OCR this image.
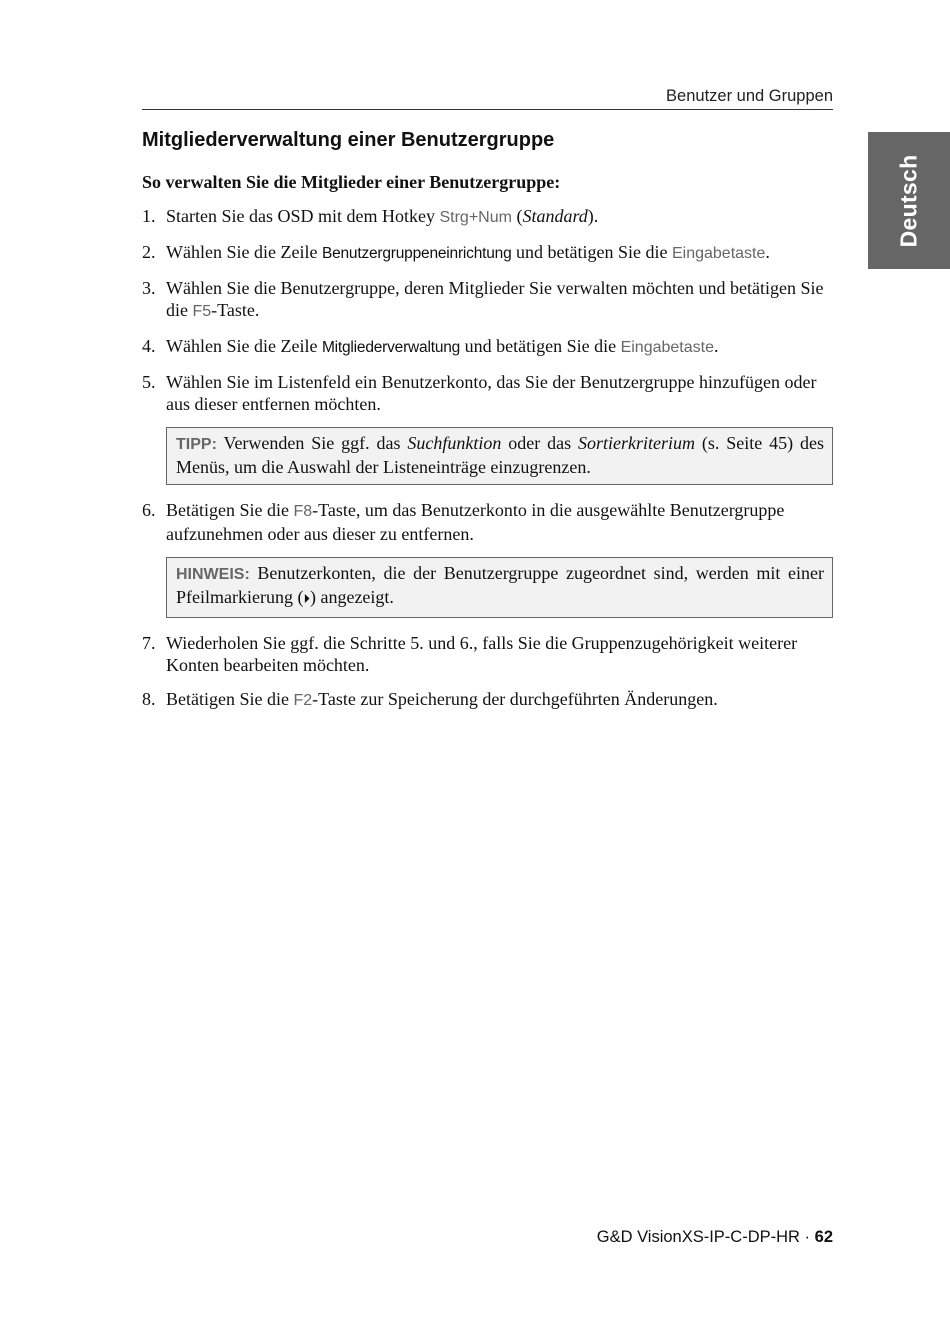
Benutzer und Gruppen
Deutsch
Mitgliederverwaltung einer Benutzergruppe

So verwalten Sie die Mitglieder einer Benutzergruppe:

1. Starten Sie das OSD mit dem Hotkey Strg+Num (Standard).
2. Wählen Sie die Zeile Benutzergruppeneinrichtung und betätigen Sie die Eingabetaste.
3. Wählen Sie die Benutzergruppe, deren Mitglieder Sie verwalten möchten und betätigen Sie die F5-Taste.
4. Wählen Sie die Zeile Mitgliederverwaltung und betätigen Sie die Eingabetaste.
5. Wählen Sie im Listenfeld ein Benutzerkonto, das Sie der Benutzergruppe hinzufügen oder aus dieser entfernen möchten.
TIPP: Verwenden Sie ggf. das Suchfunktion oder das Sortierkriterium (s. Seite 45) des Menüs, um die Auswahl der Listeneinträge einzugrenzen.
6. Betätigen Sie die F8-Taste, um das Benutzerkonto in die ausgewählte Benutzergruppe aufzunehmen oder aus dieser zu entfernen.
HINWEIS: Benutzerkonten, die der Benutzergruppe zugeordnet sind, werden mit einer Pfeilmarkierung (⏵) angezeigt.
7. Wiederholen Sie ggf. die Schritte 5. und 6., falls Sie die Gruppenzugehörigkeit weiterer Konten bearbeiten möchten.
8. Betätigen Sie die F2-Taste zur Speicherung der durchgeführten Änderungen.
G&D VisionXS-IP-C-DP-HR · 62
